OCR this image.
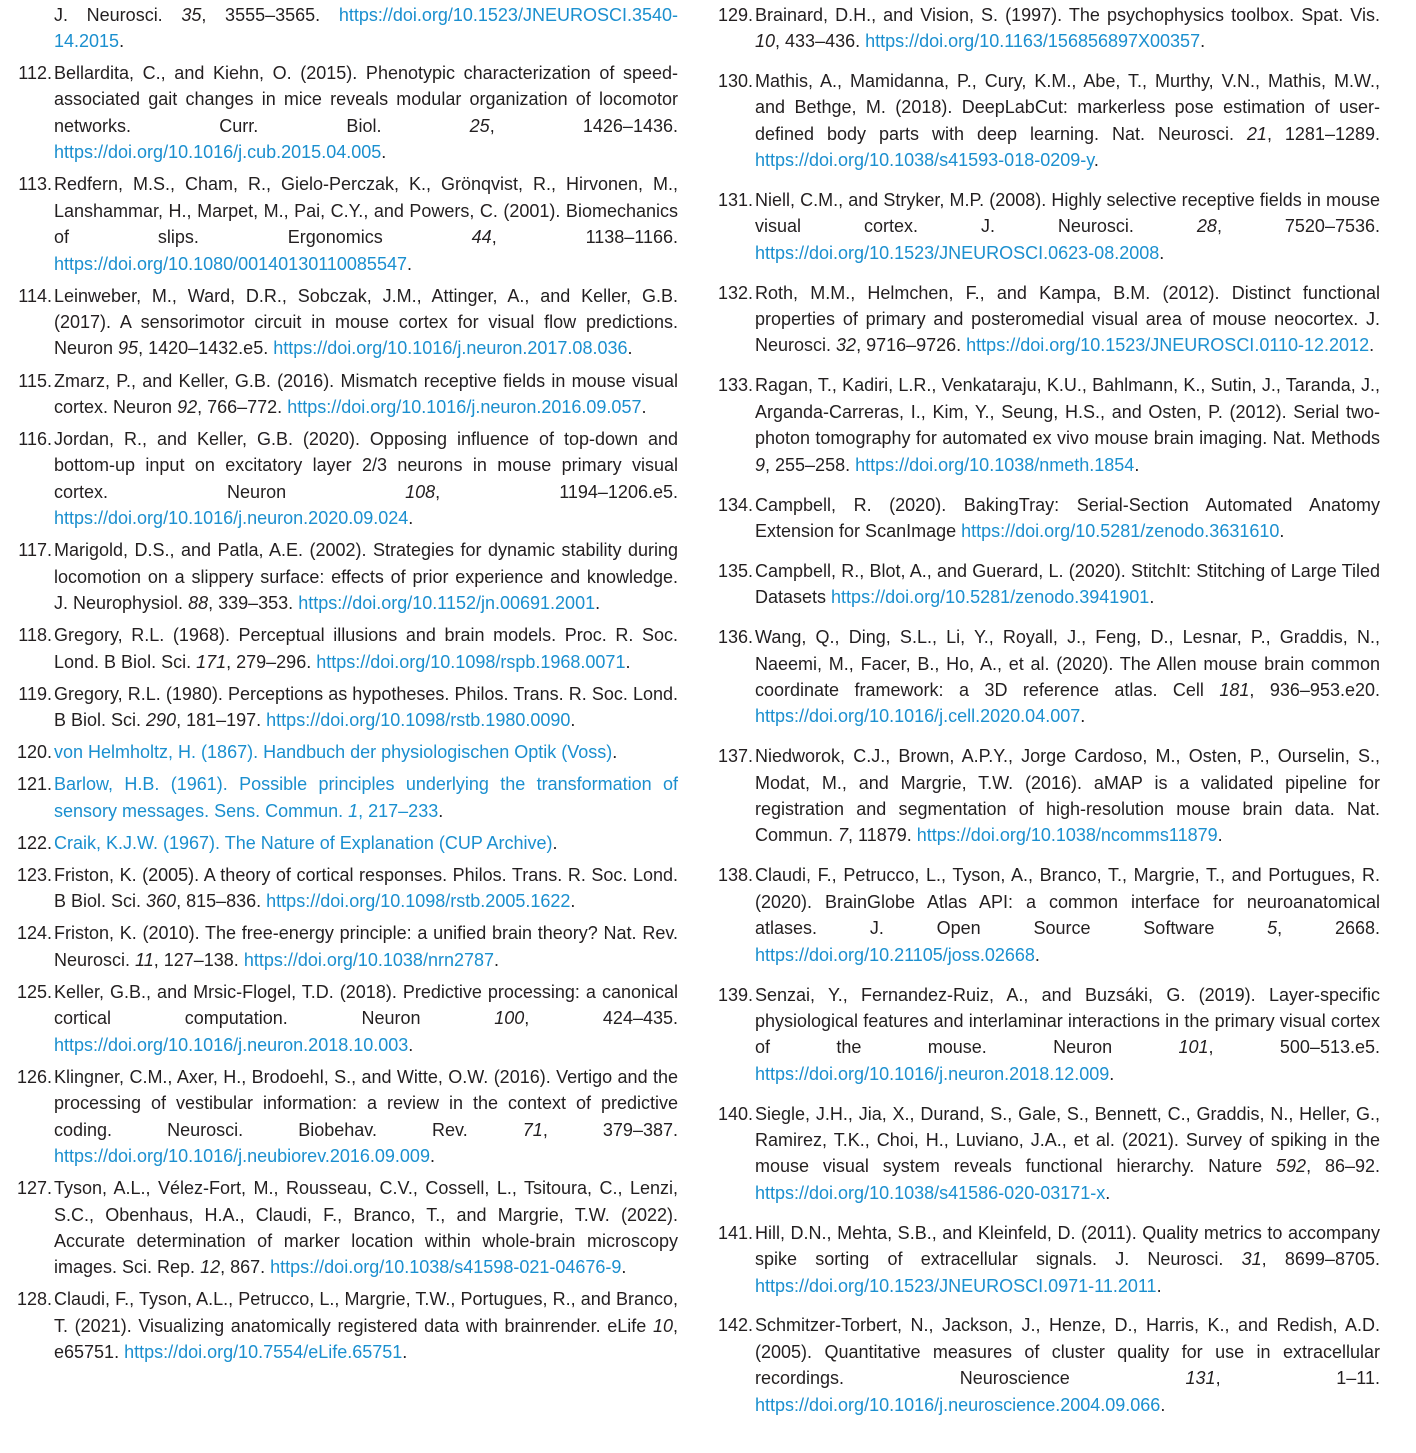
J. Neurosci. 35, 3555–3565. https://doi.org/10.1523/JNEUROSCI.3540-14.2015.

112. Bellardita, C., and Kiehn, O. (2015). Phenotypic characterization of speed-associated gait changes in mice reveals modular organization of locomotor networks. Curr. Biol. 25, 1426–1436. https://doi.org/10.1016/j.cub.2015.04.005.

113. Redfern, M.S., Cham, R., Gielo-Perczak, K., Grönqvist, R., Hirvonen, M., Lanshammar, H., Marpet, M., Pai, C.Y., and Powers, C. (2001). Biomechanics of slips. Ergonomics 44, 1138–1166. https://doi.org/10.1080/00140130110085547.

114. Leinweber, M., Ward, D.R., Sobczak, J.M., Attinger, A., and Keller, G.B. (2017). A sensorimotor circuit in mouse cortex for visual flow predictions. Neuron 95, 1420–1432.e5. https://doi.org/10.1016/j.neuron.2017.08.036.

115. Zmarz, P., and Keller, G.B. (2016). Mismatch receptive fields in mouse visual cortex. Neuron 92, 766–772. https://doi.org/10.1016/j.neuron.2016.09.057.

116. Jordan, R., and Keller, G.B. (2020). Opposing influence of top-down and bottom-up input on excitatory layer 2/3 neurons in mouse primary visual cortex. Neuron 108, 1194–1206.e5. https://doi.org/10.1016/j.neuron.2020.09.024.

117. Marigold, D.S., and Patla, A.E. (2002). Strategies for dynamic stability during locomotion on a slippery surface: effects of prior experience and knowledge. J. Neurophysiol. 88, 339–353. https://doi.org/10.1152/jn.00691.2001.

118. Gregory, R.L. (1968). Perceptual illusions and brain models. Proc. R. Soc. Lond. B Biol. Sci. 171, 279–296. https://doi.org/10.1098/rspb.1968.0071.

119. Gregory, R.L. (1980). Perceptions as hypotheses. Philos. Trans. R. Soc. Lond. B Biol. Sci. 290, 181–197. https://doi.org/10.1098/rstb.1980.0090.

120. von Helmholtz, H. (1867). Handbuch der physiologischen Optik (Voss).

121. Barlow, H.B. (1961). Possible principles underlying the transformation of sensory messages. Sens. Commun. 1, 217–233.

122. Craik, K.J.W. (1967). The Nature of Explanation (CUP Archive).

123. Friston, K. (2005). A theory of cortical responses. Philos. Trans. R. Soc. Lond. B Biol. Sci. 360, 815–836. https://doi.org/10.1098/rstb.2005.1622.

124. Friston, K. (2010). The free-energy principle: a unified brain theory? Nat. Rev. Neurosci. 11, 127–138. https://doi.org/10.1038/nrn2787.

125. Keller, G.B., and Mrsic-Flogel, T.D. (2018). Predictive processing: a canonical cortical computation. Neuron 100, 424–435. https://doi.org/10.1016/j.neuron.2018.10.003.

126. Klingner, C.M., Axer, H., Brodoehl, S., and Witte, O.W. (2016). Vertigo and the processing of vestibular information: a review in the context of predictive coding. Neurosci. Biobehav. Rev. 71, 379–387. https://doi.org/10.1016/j.neubiorev.2016.09.009.

127. Tyson, A.L., Vélez-Fort, M., Rousseau, C.V., Cossell, L., Tsitoura, C., Lenzi, S.C., Obenhaus, H.A., Claudi, F., Branco, T., and Margrie, T.W. (2022). Accurate determination of marker location within whole-brain microscopy images. Sci. Rep. 12, 867. https://doi.org/10.1038/s41598-021-04676-9.

128. Claudi, F., Tyson, A.L., Petrucco, L., Margrie, T.W., Portugues, R., and Branco, T. (2021). Visualizing anatomically registered data with brainrender. eLife 10, e65751. https://doi.org/10.7554/eLife.65751.

129. Brainard, D.H., and Vision, S. (1997). The psychophysics toolbox. Spat. Vis. 10, 433–436. https://doi.org/10.1163/156856897X00357.

130. Mathis, A., Mamidanna, P., Cury, K.M., Abe, T., Murthy, V.N., Mathis, M.W., and Bethge, M. (2018). DeepLabCut: markerless pose estimation of user-defined body parts with deep learning. Nat. Neurosci. 21, 1281–1289. https://doi.org/10.1038/s41593-018-0209-y.

131. Niell, C.M., and Stryker, M.P. (2008). Highly selective receptive fields in mouse visual cortex. J. Neurosci. 28, 7520–7536. https://doi.org/10.1523/JNEUROSCI.0623-08.2008.

132. Roth, M.M., Helmchen, F., and Kampa, B.M. (2012). Distinct functional properties of primary and posteromedial visual area of mouse neocortex. J. Neurosci. 32, 9716–9726. https://doi.org/10.1523/JNEUROSCI.0110-12.2012.

133. Ragan, T., Kadiri, L.R., Venkataraju, K.U., Bahlmann, K., Sutin, J., Taranda, J., Arganda-Carreras, I., Kim, Y., Seung, H.S., and Osten, P. (2012). Serial two-photon tomography for automated ex vivo mouse brain imaging. Nat. Methods 9, 255–258. https://doi.org/10.1038/nmeth.1854.

134. Campbell, R. (2020). BakingTray: Serial-Section Automated Anatomy Extension for ScanImage https://doi.org/10.5281/zenodo.3631610.

135. Campbell, R., Blot, A., and Guerard, L. (2020). StitchIt: Stitching of Large Tiled Datasets https://doi.org/10.5281/zenodo.3941901.

136. Wang, Q., Ding, S.L., Li, Y., Royall, J., Feng, D., Lesnar, P., Graddis, N., Naeemi, M., Facer, B., Ho, A., et al. (2020). The Allen mouse brain common coordinate framework: a 3D reference atlas. Cell 181, 936–953.e20. https://doi.org/10.1016/j.cell.2020.04.007.

137. Niedworok, C.J., Brown, A.P.Y., Jorge Cardoso, M., Osten, P., Ourselin, S., Modat, M., and Margrie, T.W. (2016). aMAP is a validated pipeline for registration and segmentation of high-resolution mouse brain data. Nat. Commun. 7, 11879. https://doi.org/10.1038/ncomms11879.

138. Claudi, F., Petrucco, L., Tyson, A., Branco, T., Margrie, T., and Portugues, R. (2020). BrainGlobe Atlas API: a common interface for neuroanatomical atlases. J. Open Source Software 5, 2668. https://doi.org/10.21105/joss.02668.

139. Senzai, Y., Fernandez-Ruiz, A., and Buzsáki, G. (2019). Layer-specific physiological features and interlaminar interactions in the primary visual cortex of the mouse. Neuron 101, 500–513.e5. https://doi.org/10.1016/j.neuron.2018.12.009.

140. Siegle, J.H., Jia, X., Durand, S., Gale, S., Bennett, C., Graddis, N., Heller, G., Ramirez, T.K., Choi, H., Luviano, J.A., et al. (2021). Survey of spiking in the mouse visual system reveals functional hierarchy. Nature 592, 86–92. https://doi.org/10.1038/s41586-020-03171-x.

141. Hill, D.N., Mehta, S.B., and Kleinfeld, D. (2011). Quality metrics to accompany spike sorting of extracellular signals. J. Neurosci. 31, 8699–8705. https://doi.org/10.1523/JNEUROSCI.0971-11.2011.

142. Schmitzer-Torbert, N., Jackson, J., Henze, D., Harris, K., and Redish, A.D. (2005). Quantitative measures of cluster quality for use in extracellular recordings. Neuroscience 131, 1–11. https://doi.org/10.1016/j.neuroscience.2004.09.066.
